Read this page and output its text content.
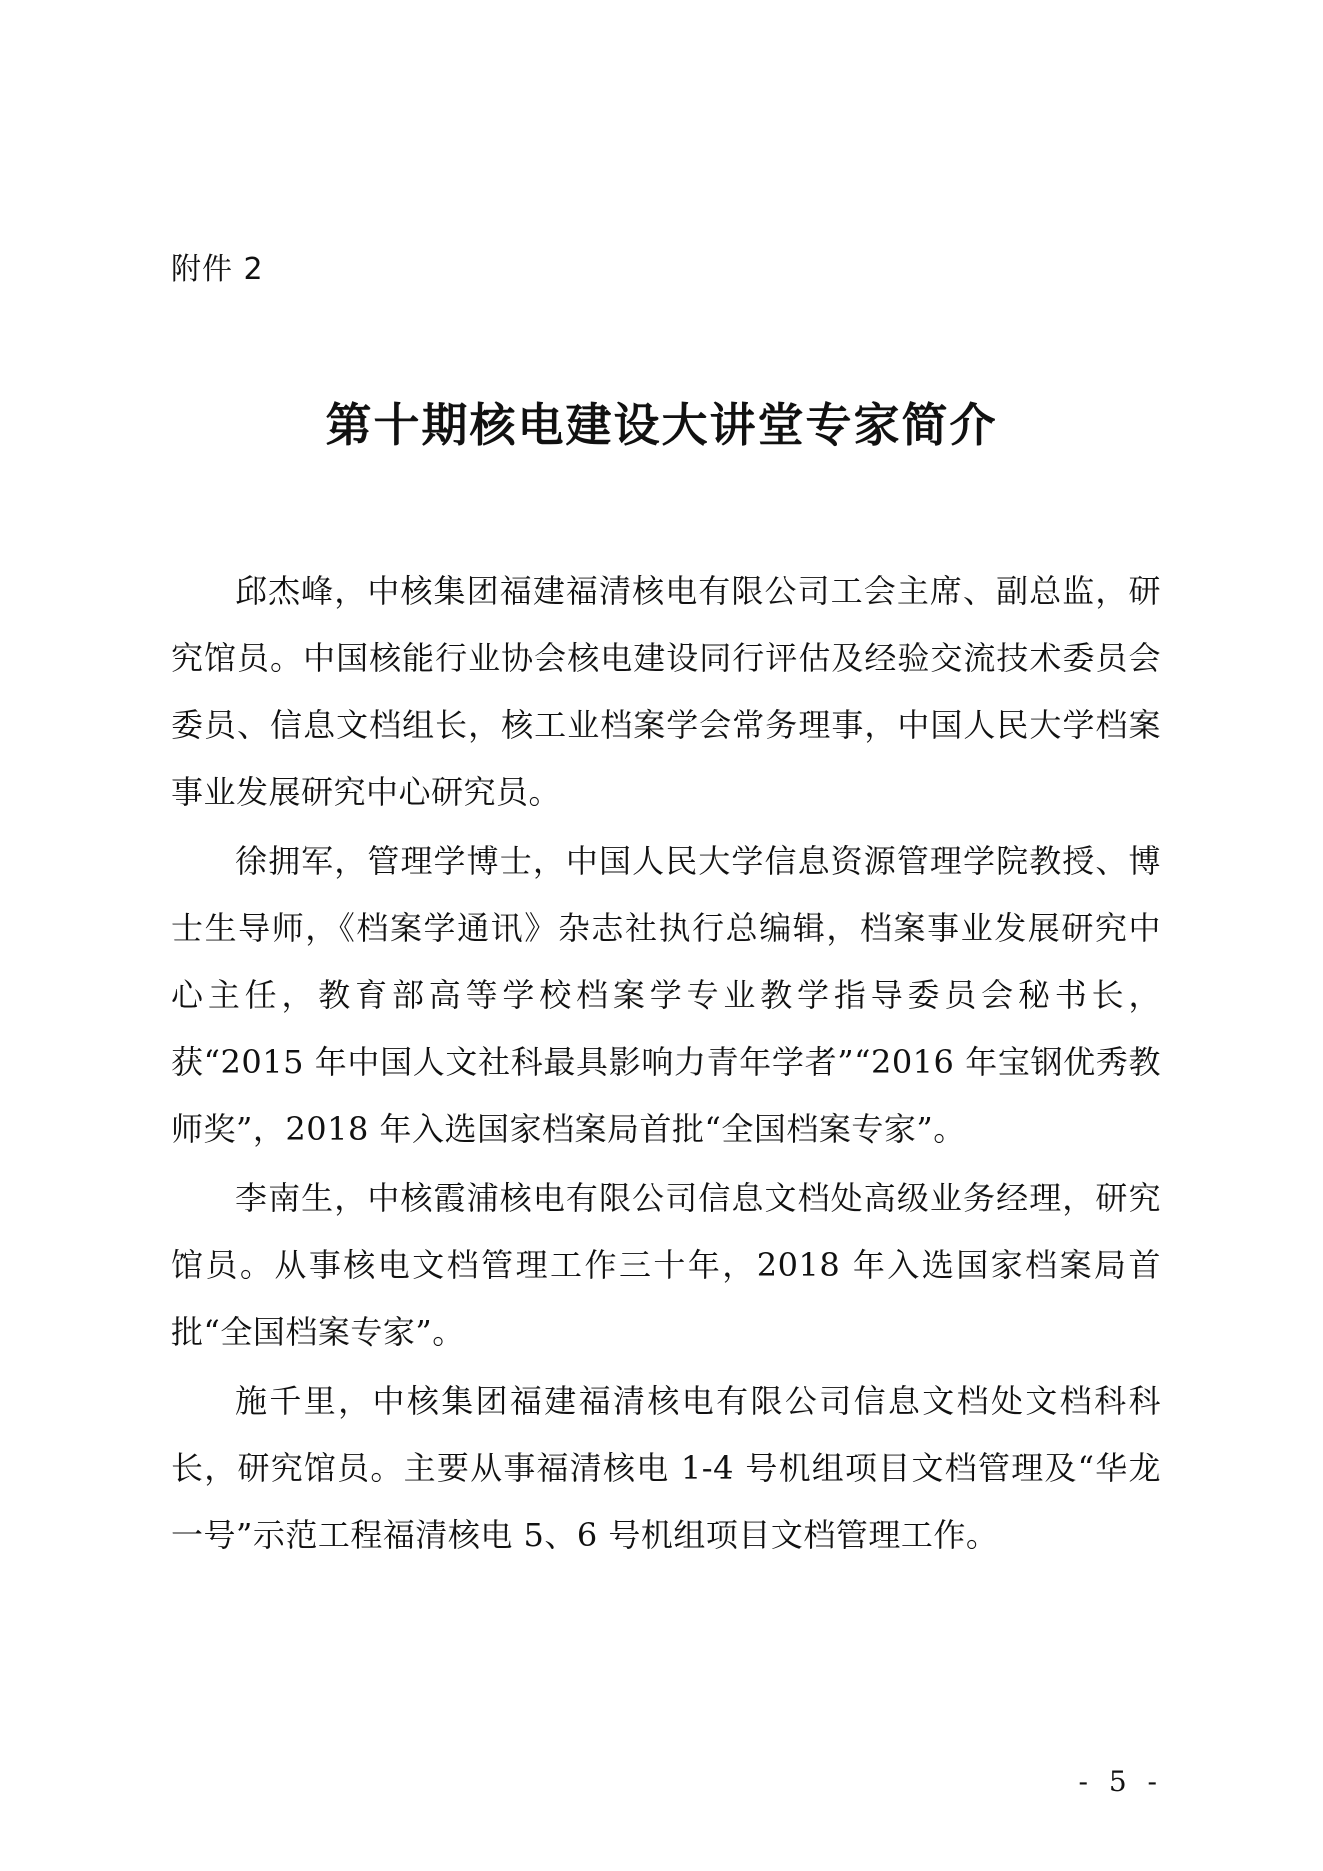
附件 2
第十期核电建设大讲堂专家简介

邱杰峰，中核集团福建福清核电有限公司工会主席、副总监，研究馆员。中国核能行业协会核电建设同行评估及经验交流技术委员会委员、信息文档组长，核工业档案学会常务理事，中国人民大学档案事业发展研究中心研究员。

徐拥军，管理学博士，中国人民大学信息资源管理学院教授、博士生导师，《档案学通讯》杂志社执行总编辑，档案事业发展研究中心主任，教育部高等学校档案学专业教学指导委员会秘书长，获“2015 年中国人文社科最具影响力青年学者”“2016 年宝钢优秀教师奖”，2018 年入选国家档案局首批“全国档案专家”。

李南生，中核霞浦核电有限公司信息文档处高级业务经理，研究馆员。从事核电文档管理工作三十年，2018 年入选国家档案局首批“全国档案专家”。

施千里，中核集团福建福清核电有限公司信息文档处文档科科长，研究馆员。主要从事福清核电 1-4 号机组项目文档管理及“华龙一号”示范工程福清核电 5、6 号机组项目文档管理工作。

- 5 -
